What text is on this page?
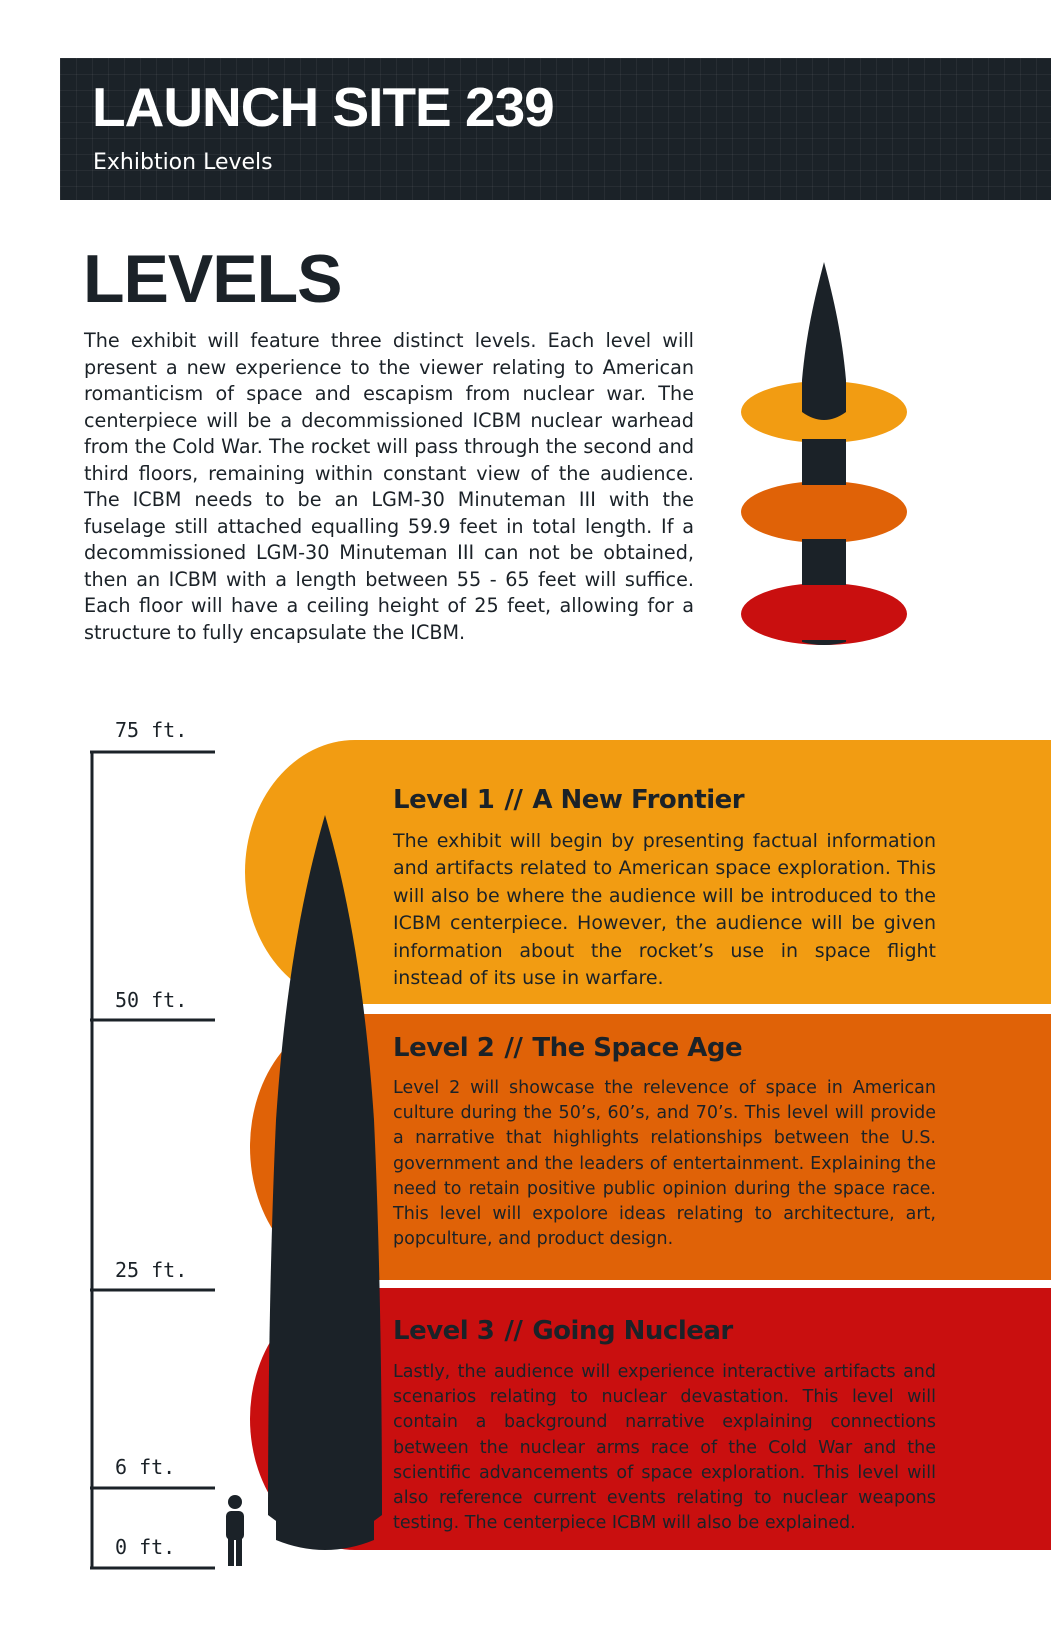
LAUNCH SITE 239
Exhibtion Levels
LEVELS

The exhibit will feature three distinct levels. Each level will present a new experience to the viewer relating to American romanticism of space and escapism from nuclear war. The centerpiece will be a decommissioned ICBM nuclear warhead from the Cold War. The rocket will pass through the second and third floors, remaining within constant view of the audience. The ICBM needs to be an LGM-30 Minuteman III with the fuselage still attached equalling 59.9 feet in total length. If a decommissioned LGM-30 Minuteman III can not be obtained, then an ICBM with a length between 55 - 65 feet will suffice. Each floor will have a ceiling height of 25 feet, allowing for a structure to fully encapsulate the ICBM.

75 ft.
50 ft.
25 ft.
6 ft.
0 ft.
Level 1 // A New Frontier

The exhibit will begin by presenting factual information and artifacts related to American space exploration. This will also be where the audience will be introduced to the ICBM centerpiece. However, the audience will be given information about the rocket’s use in space flight instead of its use in warfare.

Level 2 // The Space Age

Level 2 will showcase the relevence of space in American culture during the 50’s, 60’s, and 70’s. This level will provide a narrative that highlights relationships between the U.S. government and the leaders of entertainment. Explaining the need to retain positive public opinion during the space race. This level will expolore ideas relating to architecture, art, popculture, and product design.

Level 3 // Going Nuclear

Lastly, the audience will experience interactive artifacts and scenarios relating to nuclear devastation. This level will contain a background narrative explaining connections between the nuclear arms race of the Cold War and the scientific advancements of space exploration. This level will also reference current events relating to nuclear weapons testing. The centerpiece ICBM will also be explained.
